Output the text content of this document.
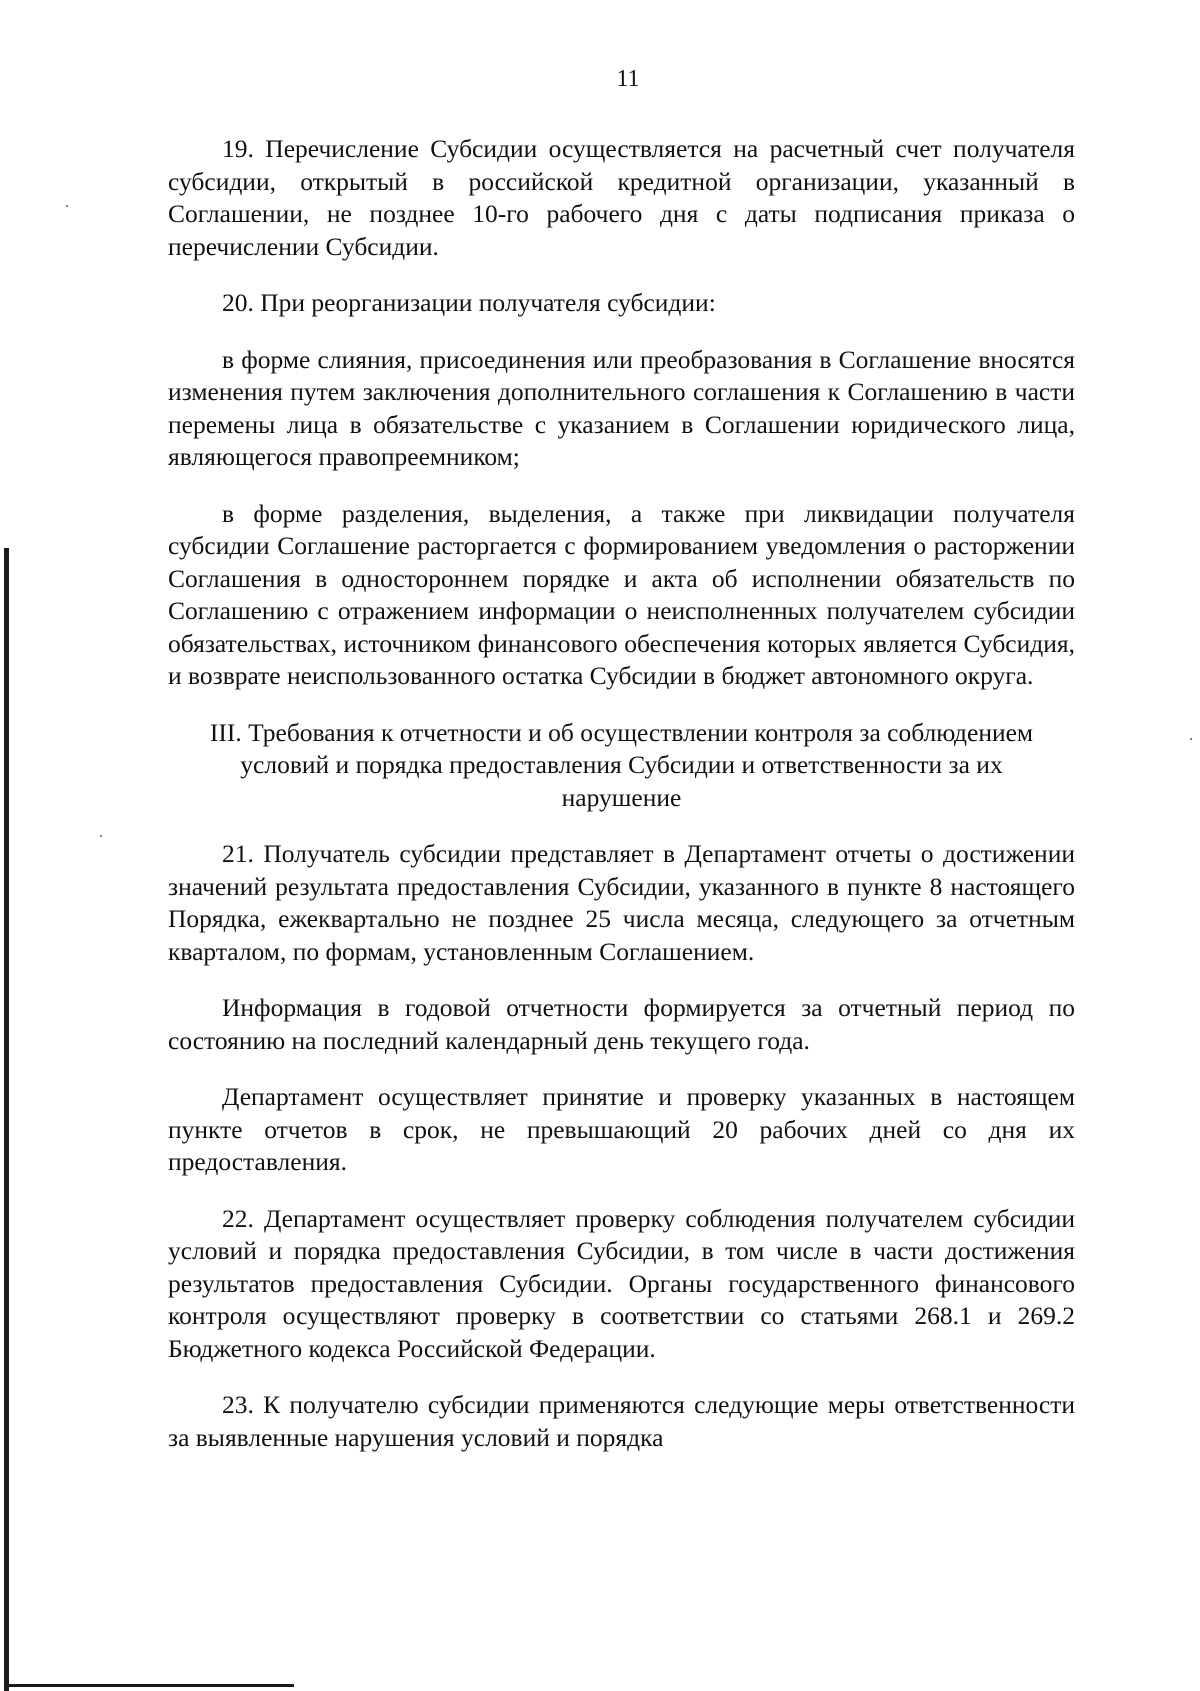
11

19. Перечисление Субсидии осуществляется на расчетный счет получателя субсидии, открытый в российской кредитной организации, указанный в Соглашении, не позднее 10-го рабочего дня с даты подписания приказа о перечислении Субсидии.

20. При реорганизации получателя субсидии:

в форме слияния, присоединения или преобразования в Соглашение вносятся изменения путем заключения дополнительного соглашения к Соглашению в части перемены лица в обязательстве с указанием в Соглашении юридического лица, являющегося правопреемником;

в форме разделения, выделения, а также при ликвидации получателя субсидии Соглашение расторгается с формированием уведомления о расторжении Соглашения в одностороннем порядке и акта об исполнении обязательств по Соглашению с отражением информации о неисполненных получателем субсидии обязательствах, источником финансового обеспечения которых является Субсидия, и возврате неиспользованного остатка Субсидии в бюджет автономного округа.

III. Требования к отчетности и об осуществлении контроля за соблюдением условий и порядка предоставления Субсидии и ответственности за их нарушение

21. Получатель субсидии представляет в Департамент отчеты о достижении значений результата предоставления Субсидии, указанного в пункте 8 настоящего Порядка, ежеквартально не позднее 25 числа месяца, следующего за отчетным кварталом, по формам, установленным Соглашением.

Информация в годовой отчетности формируется за отчетный период по состоянию на последний календарный день текущего года.

Департамент осуществляет принятие и проверку указанных в настоящем пункте отчетов в срок, не превышающий 20 рабочих дней со дня их предоставления.

22. Департамент осуществляет проверку соблюдения получателем субсидии условий и порядка предоставления Субсидии, в том числе в части достижения результатов предоставления Субсидии. Органы государственного финансового контроля осуществляют проверку в соответствии со статьями 268.1 и 269.2 Бюджетного кодекса Российской Федерации.

23. К получателю субсидии применяются следующие меры ответственности за выявленные нарушения условий и порядка
